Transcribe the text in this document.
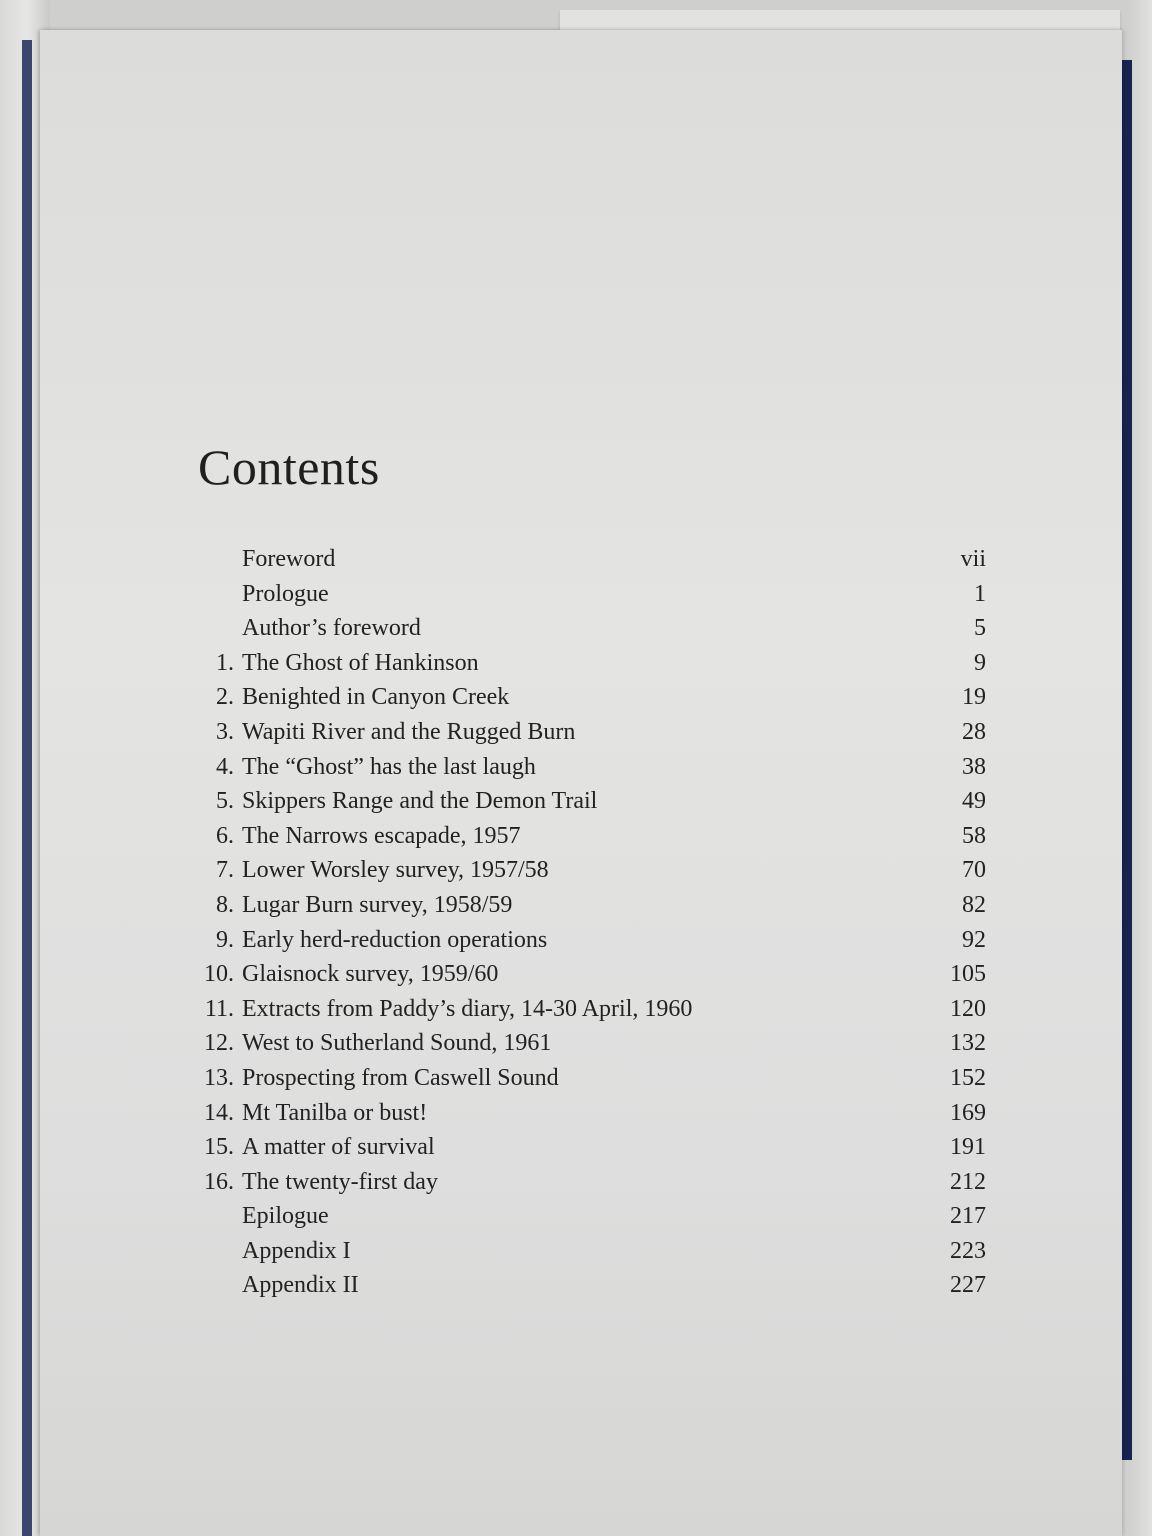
Contents
Foreword	vii
Prologue	1
Author’s foreword	5
1. The Ghost of Hankinson	9
2. Benighted in Canyon Creek	19
3. Wapiti River and the Rugged Burn	28
4. The “Ghost” has the last laugh	38
5. Skippers Range and the Demon Trail	49
6. The Narrows escapade, 1957	58
7. Lower Worsley survey, 1957/58	70
8. Lugar Burn survey, 1958/59	82
9. Early herd-reduction operations	92
10. Glaisnock survey, 1959/60	105
11. Extracts from Paddy’s diary, 14-30 April, 1960	120
12. West to Sutherland Sound, 1961	132
13. Prospecting from Caswell Sound	152
14. Mt Tanilba or bust!	169
15. A matter of survival	191
16. The twenty-first day	212
Epilogue	217
Appendix I	223
Appendix II	227
